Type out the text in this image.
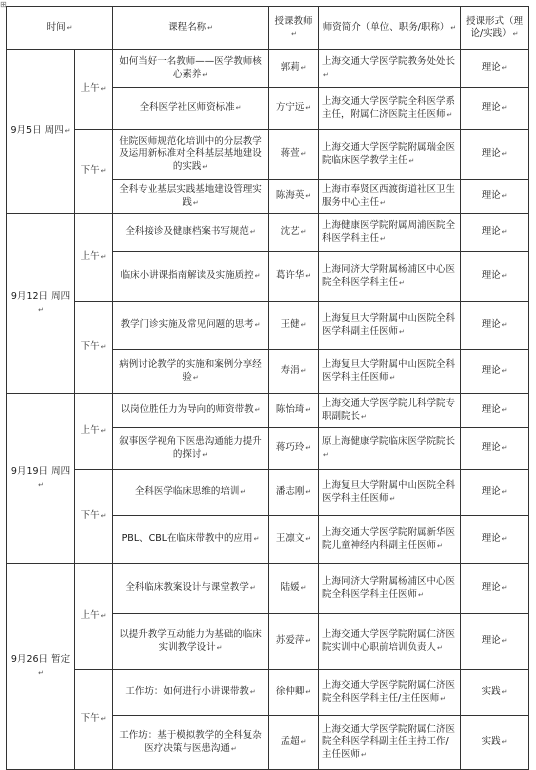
⊞
时间↵		课程名称↵	授课教师↵	师资简介（单位、职务/职称）↵	授课形式（理论/实践）↵
9月5日 周四↵	上午↵	如何当好一名教师——医学教师核心素养↵	郭莉↵	上海交通大学医学院教务处处长↵	理论↵
		全科医学社区师资标准↵	方宁远↵	上海交通大学医学院全科医学系主任，附属仁济医院主任医师↵	理论↵
	下午↵	住院医师规范化培训中的分层教学及运用新标准对全科基层基地建设的实践↵	蒋萱↵	上海交通大学医学院附属瑞金医院临床医学教学主任↵	理论↵
		全科专业基层实践基地建设管理实践↵	陈海英↵	上海市奉贤区西渡街道社区卫生服务中心主任↵	理论↵
9月12日 周四↵	上午↵	全科接诊及健康档案书写规范↵	沈艺↵	上海健康医学院附属周浦医院全科医学科主任↵	理论↵
		临床小讲课指南解读及实施质控↵	葛许华↵	上海同济大学附属杨浦区中心医院全科医学科主任↵	理论↵
	下午↵	教学门诊实施及常见问题的思考↵	王健↵	上海复旦大学附属中山医院全科医学科副主任医师↵	理论↵
		病例讨论教学的实施和案例分享经验↵	寿涓↵	上海复旦大学附属中山医院全科医学科主任医师↵	理论↵
9月19日 周四↵	上午↵	以岗位胜任力为导向的师资带教↵	陈怡琦↵	上海交通大学医学院儿科学院专职副院长↵	理论↵
		叙事医学视角下医患沟通能力提升的探讨↵	蒋巧玲↵	原上海健康学院临床医学院院长↵	理论↵
	下午↵	全科医学临床思维的培训↵	潘志刚↵	上海复旦大学附属中山医院全科医学科主任医师↵	理论↵
		PBL、CBL在临床带教中的应用↵	王凛文↵	上海交通大学医学院附属新华医院儿童神经内科副主任医师↵	理论↵
9月26日 暂定↵	上午↵	全科临床教案设计与课堂教学↵	陆媛↵	上海同济大学附属杨浦区中心医院全科医学科主任医师↵	理论↵
		以提升教学互动能力为基础的临床实训教学设计↵	苏爱萍↵	上海交通大学医学院附属仁济医院实训中心职前培训负责人↵	理论↵
	下午↵	工作坊：如何进行小讲课带教↵	徐仲卿↵	上海交通大学医学院附属仁济医院全科医学科主任/主任医师↵	实践↵
		工作坊：基于模拟教学的全科复杂医疗决策与医患沟通↵	孟超↵	上海交通大学医学院附属仁济医院全科医学科副主任主持工作/主任医师↵	实践↵
